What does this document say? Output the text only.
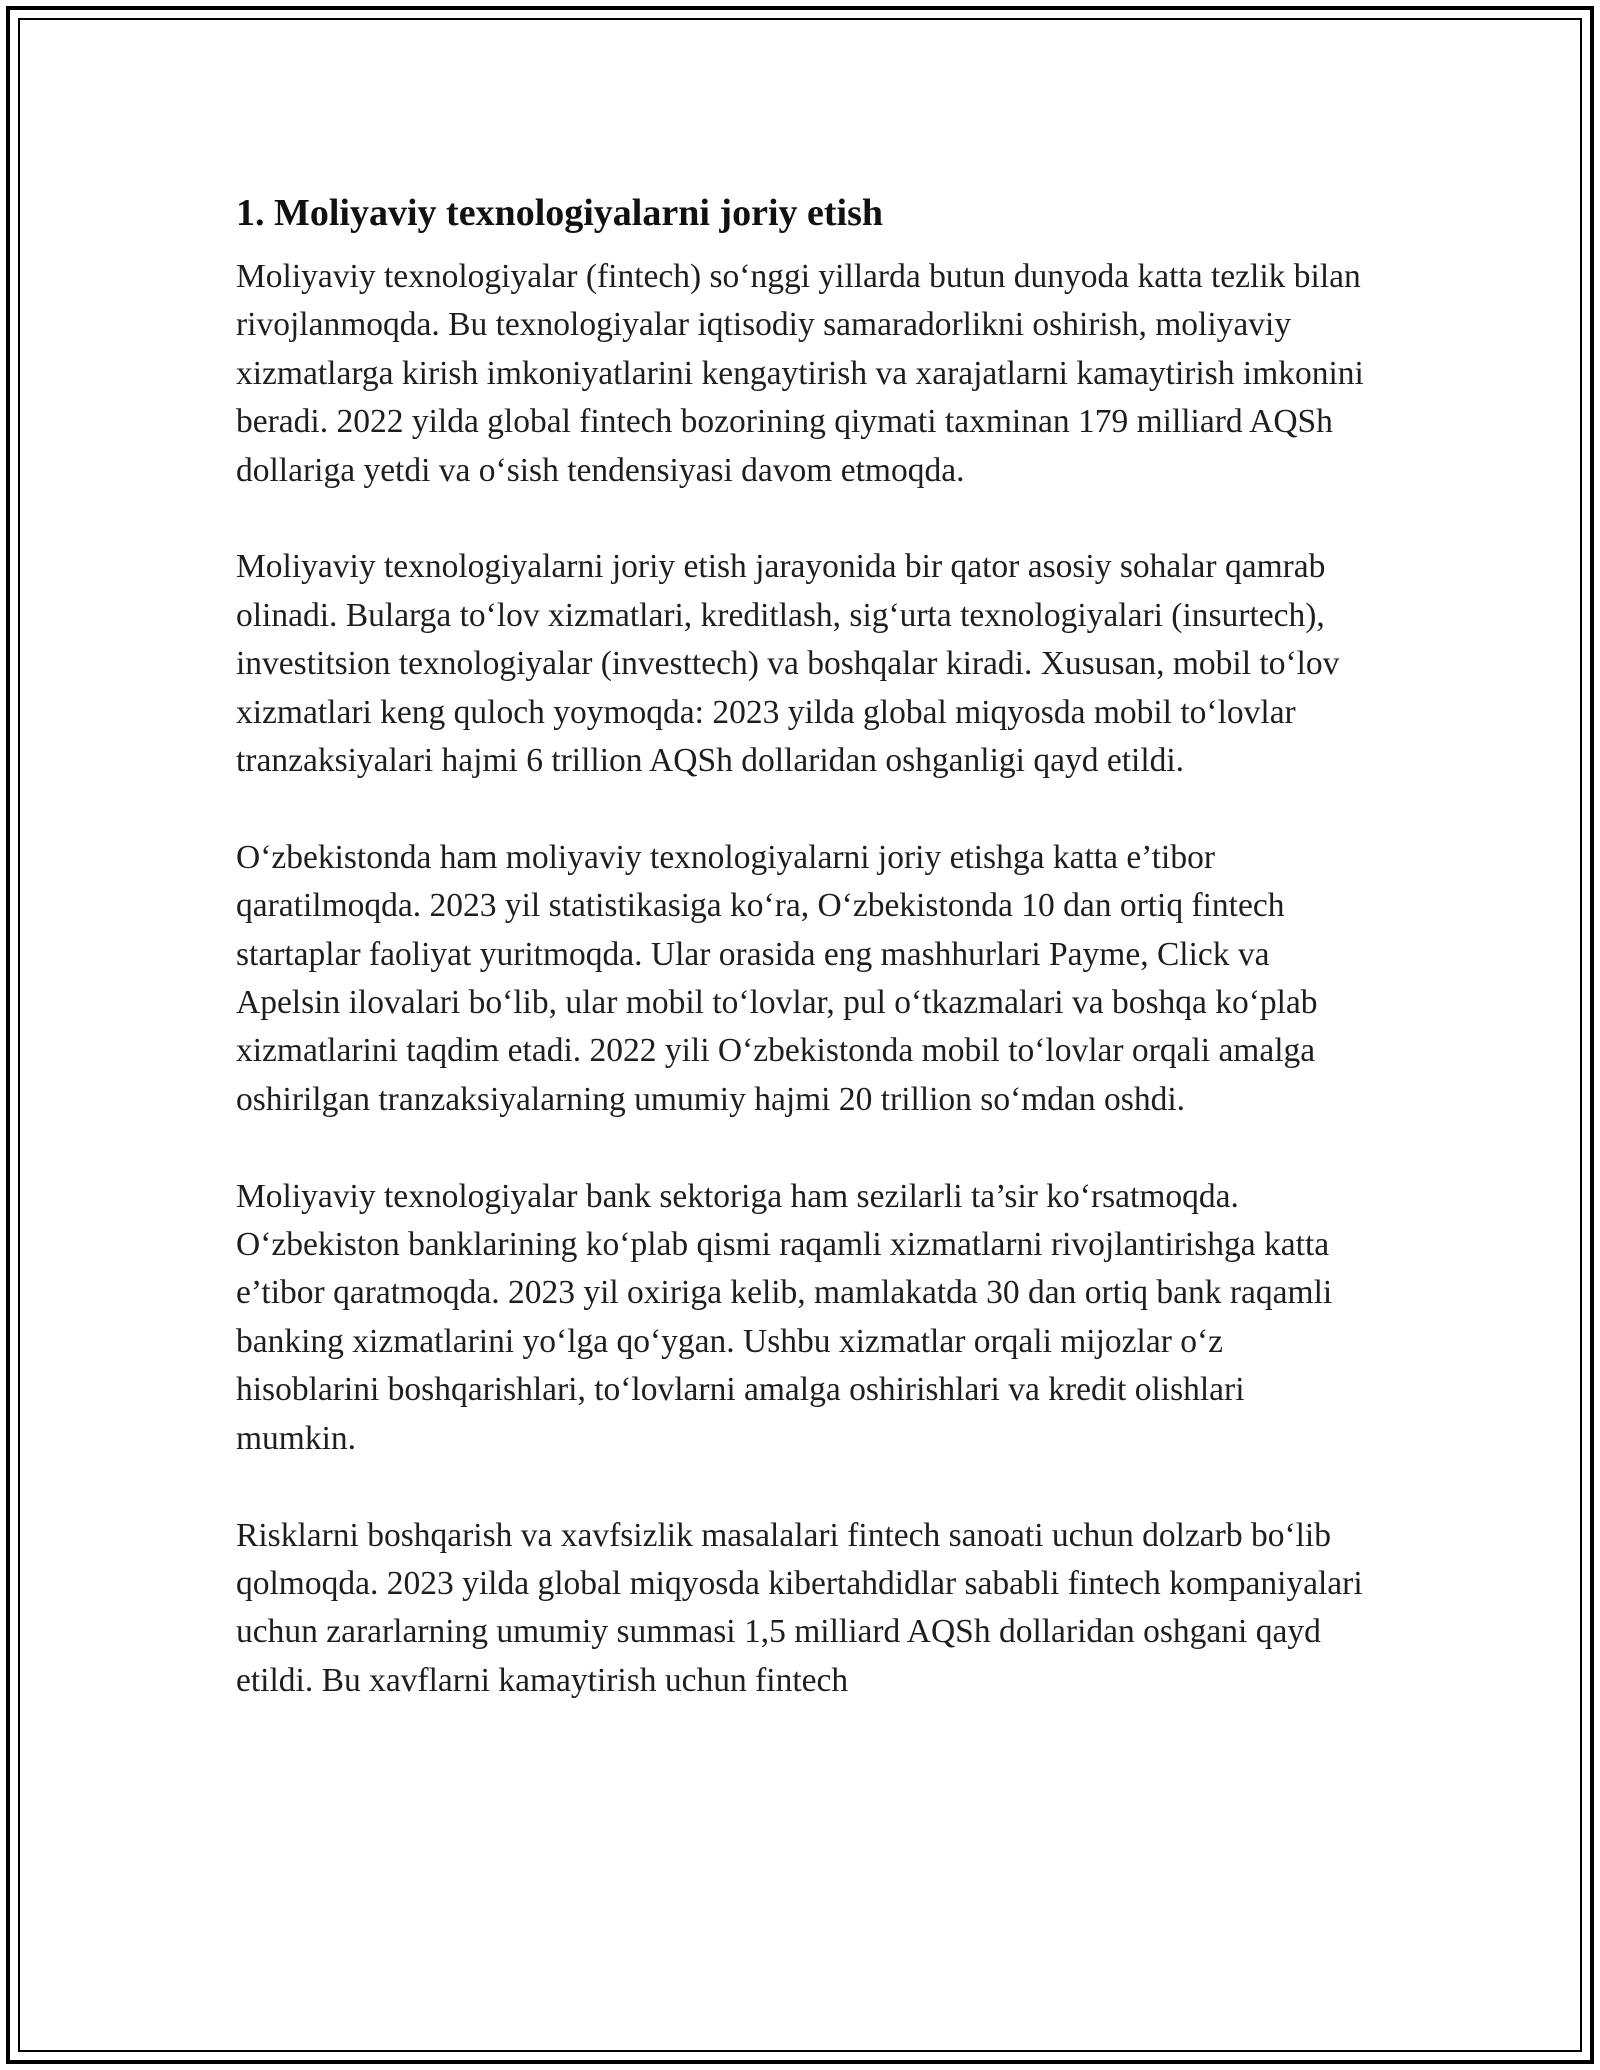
1. Moliyaviy texnologiyalarni joriy etish

Moliyaviy texnologiyalar (fintech) so‘nggi yillarda butun dunyoda katta tezlik bilan rivojlanmoqda. Bu texnologiyalar iqtisodiy samaradorlikni oshirish, moliyaviy xizmatlarga kirish imkoniyatlarini kengaytirish va xarajatlarni kamaytirish imkonini beradi. 2022 yilda global fintech bozorining qiymati taxminan 179 milliard AQSh dollariga yetdi va o‘sish tendensiyasi davom etmoqda.

Moliyaviy texnologiyalarni joriy etish jarayonida bir qator asosiy sohalar qamrab olinadi. Bularga to‘lov xizmatlari, kreditlash, sig‘urta texnologiyalari (insurtech), investitsion texnologiyalar (investtech) va boshqalar kiradi. Xususan, mobil to‘lov xizmatlari keng quloch yoymoqda: 2023 yilda global miqyosda mobil to‘lovlar tranzaksiyalari hajmi 6 trillion AQSh dollaridan oshganligi qayd etildi.

O‘zbekistonda ham moliyaviy texnologiyalarni joriy etishga katta e’tibor qaratilmoqda. 2023 yil statistikasiga ko‘ra, O‘zbekistonda 10 dan ortiq fintech startaplar faoliyat yuritmoqda. Ular orasida eng mashhurlari Payme, Click va Apelsin ilovalari bo‘lib, ular mobil to‘lovlar, pul o‘tkazmalari va boshqa ko‘plab xizmatlarini taqdim etadi. 2022 yili O‘zbekistonda mobil to‘lovlar orqali amalga oshirilgan tranzaksiyalarning umumiy hajmi 20 trillion so‘mdan oshdi.

Moliyaviy texnologiyalar bank sektoriga ham sezilarli ta’sir ko‘rsatmoqda. O‘zbekiston banklarining ko‘plab qismi raqamli xizmatlarni rivojlantirishga katta e’tibor qaratmoqda. 2023 yil oxiriga kelib, mamlakatda 30 dan ortiq bank raqamli banking xizmatlarini yo‘lga qo‘ygan. Ushbu xizmatlar orqali mijozlar o‘z hisoblarini boshqarishlari, to‘lovlarni amalga oshirishlari va kredit olishlari mumkin.

Risklarni boshqarish va xavfsizlik masalalari fintech sanoati uchun dolzarb bo‘lib qolmoqda. 2023 yilda global miqyosda kibertahdidlar sababli fintech kompaniyalari uchun zararlarning umumiy summasi 1,5 milliard AQSh dollaridan oshgani qayd etildi. Bu xavflarni kamaytirish uchun fintech
